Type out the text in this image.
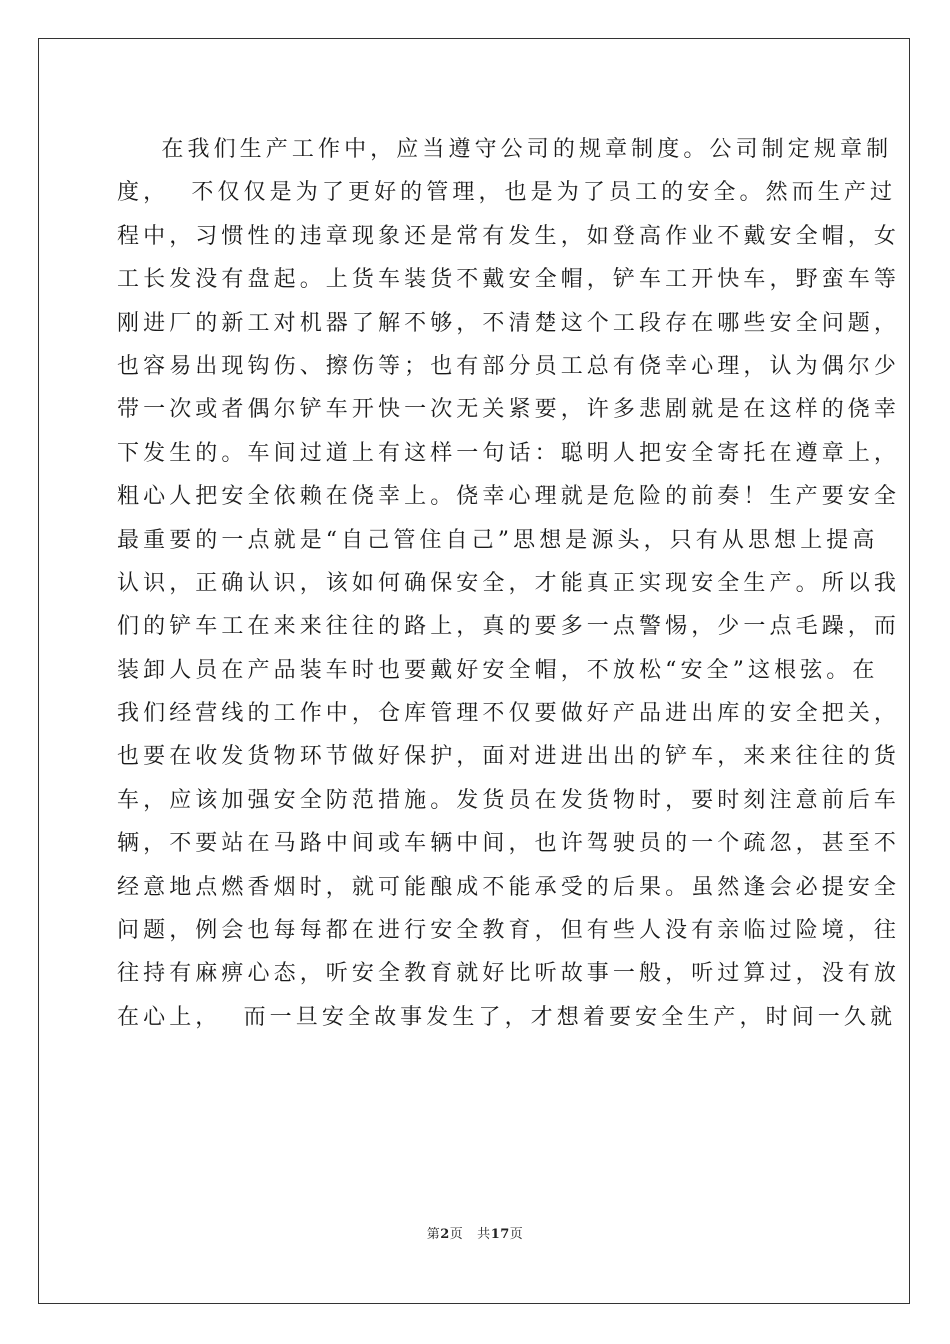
在我们生产工作中，应当遵守公司的规章制度。公司制定规章制
度，  不仅仅是为了更好的管理，也是为了员工的安全。然而生产过
程中，习惯性的违章现象还是常有发生，如登高作业不戴安全帽，女
工长发没有盘起。上货车装货不戴安全帽，铲车工开快车，野蛮车等
刚进厂的新工对机器了解不够，不清楚这个工段存在哪些安全问题，
也容易出现钩伤、擦伤等；也有部分员工总有侥幸心理，认为偶尔少
带一次或者偶尔铲车开快一次无关紧要，许多悲剧就是在这样的侥幸
下发生的。车间过道上有这样一句话：聪明人把安全寄托在遵章上，
粗心人把安全依赖在侥幸上。侥幸心理就是危险的前奏！生产要安全
最重要的一点就是“自己管住自己”思想是源头，只有从思想上提高
认识，正确认识，该如何确保安全，才能真正实现安全生产。所以我
们的铲车工在来来往往的路上，真的要多一点警惕，少一点毛躁，而
装卸人员在产品装车时也要戴好安全帽，不放松“安全”这根弦。在
我们经营线的工作中，仓库管理不仅要做好产品进出库的安全把关，
也要在收发货物环节做好保护，面对进进出出的铲车，来来往往的货
车，应该加强安全防范措施。发货员在发货物时，要时刻注意前后车
辆，不要站在马路中间或车辆中间，也许驾驶员的一个疏忽，甚至不
经意地点燃香烟时，就可能酿成不能承受的后果。虽然逢会必提安全
问题，例会也每每都在进行安全教育，但有些人没有亲临过险境，往
往持有麻痹心态，听安全教育就好比听故事一般，听过算过，没有放
在心上，  而一旦安全故事发生了，才想着要安全生产，时间一久就
第2页 共17页
